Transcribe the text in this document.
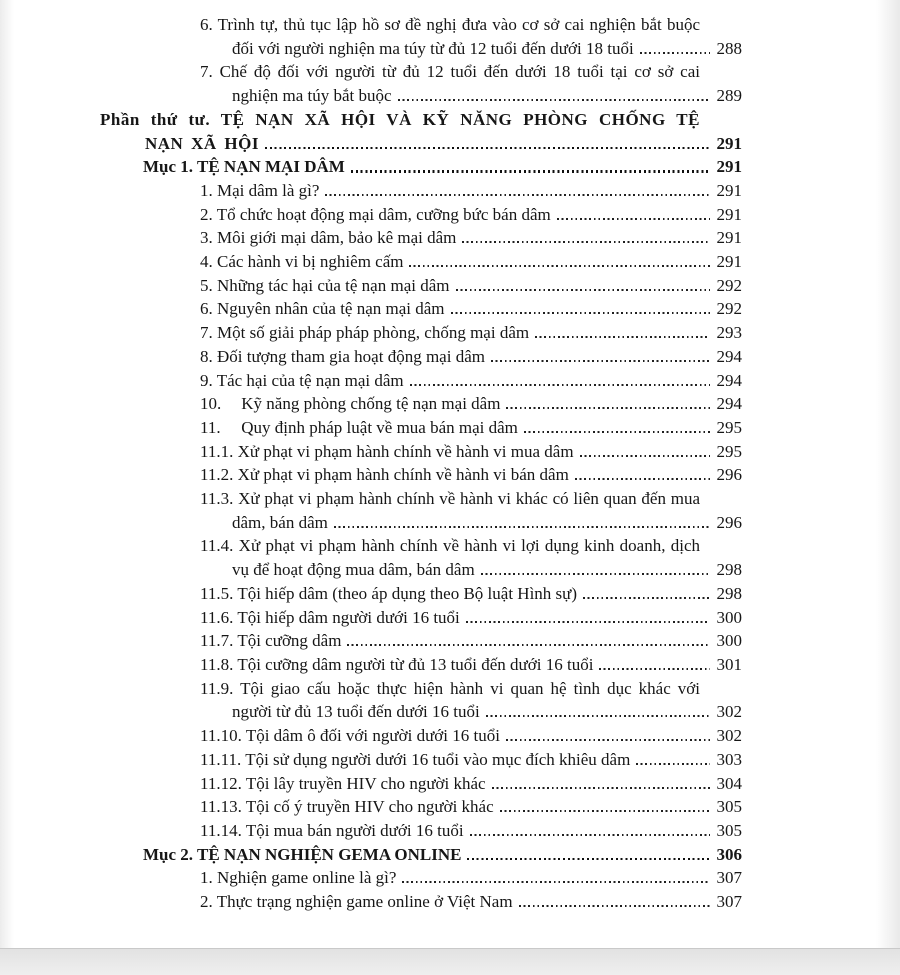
6. Trình tự, thủ tục lập hồ sơ đề nghị đưa vào cơ sở cai nghiện bắt buộc đối với người nghiện ma túy từ đủ 12 tuổi đến dưới 18 tuổi	288

7. Chế độ đối với người từ đủ 12 tuổi đến dưới 18 tuổi tại cơ sở cai nghiện ma túy bắt buộc	289

Phần thứ tư. TỆ NẠN XÃ HỘI VÀ KỸ NĂNG PHÒNG CHỐNG TỆ NẠN XÃ HỘI	291

Mục 1. TỆ NẠN MẠI DÂM	291

1. Mại dâm là gì?	291

2. Tổ chức hoạt động mại dâm, cưỡng bức bán dâm	291

3. Môi giới mại dâm, bảo kê mại dâm	291

4. Các hành vi bị nghiêm cấm	291

5. Những tác hại của tệ nạn mại dâm	292

6. Nguyên nhân của tệ nạn mại dâm	292

7. Một số giải pháp pháp phòng, chống mại dâm	293

8. Đối tượng tham gia hoạt động mại dâm	294

9. Tác hại của tệ nạn mại dâm	294

10. Kỹ năng phòng chống tệ nạn mại dâm	294

11. Quy định pháp luật về mua bán mại dâm	295

11.1. Xử phạt vi phạm hành chính về hành vi mua dâm	295

11.2. Xử phạt vi phạm hành chính về hành vi bán dâm	296

11.3. Xử phạt vi phạm hành chính về hành vi khác có liên quan đến mua dâm, bán dâm	296

11.4. Xử phạt vi phạm hành chính về hành vi lợi dụng kinh doanh, dịch vụ để hoạt động mua dâm, bán dâm	298

11.5. Tội hiếp dâm (theo áp dụng theo Bộ luật Hình sự)	298

11.6. Tội hiếp dâm người dưới 16 tuổi	300

11.7. Tội cưỡng dâm	300

11.8. Tội cưỡng dâm người từ đủ 13 tuổi đến dưới 16 tuổi	301

11.9. Tội giao cấu hoặc thực hiện hành vi quan hệ tình dục khác với người từ đủ 13 tuổi đến dưới 16 tuổi	302

11.10. Tội dâm ô đối với người dưới 16 tuổi	302

11.11. Tội sử dụng người dưới 16 tuổi vào mục đích khiêu dâm	303

11.12. Tội lây truyền HIV cho người khác	304

11.13. Tội cố ý truyền HIV cho người khác	305

11.14. Tội mua bán người dưới 16 tuổi	305

Mục 2. TỆ NẠN NGHIỆN GEMA ONLINE	306

1. Nghiện game online là gì?	307

2. Thực trạng nghiện game online ở Việt Nam	307
